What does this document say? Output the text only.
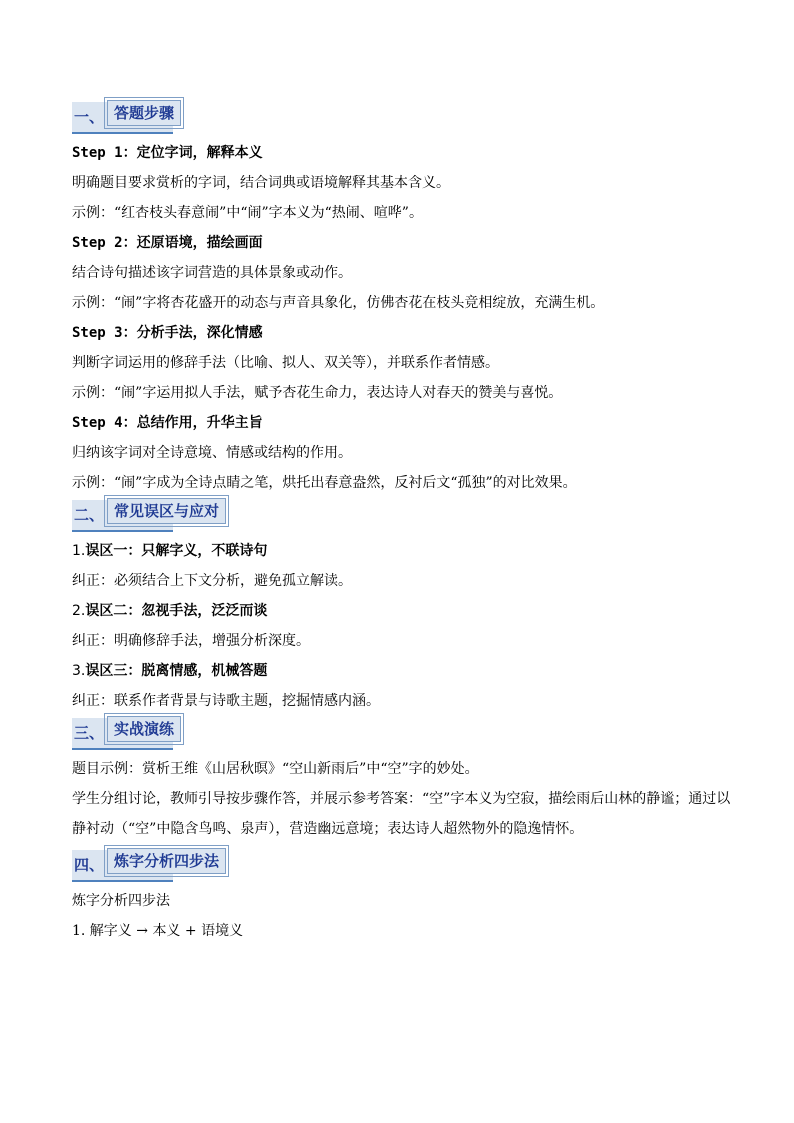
一、 答题步骤

Step 1：定位字词，解释本义

明确题目要求赏析的字词，结合词典或语境解释其基本含义。

示例：“红杏枝头春意闹”中“闹”字本义为“热闹、喧哗”。

Step 2：还原语境，描绘画面

结合诗句描述该字词营造的具体景象或动作。

示例：“闹”字将杏花盛开的动态与声音具象化，仿佛杏花在枝头竞相绽放，充满生机。

Step 3：分析手法，深化情感

判断字词运用的修辞手法（比喻、拟人、双关等），并联系作者情感。

示例：“闹”字运用拟人手法，赋予杏花生命力，表达诗人对春天的赞美与喜悦。

Step 4：总结作用，升华主旨

归纳该字词对全诗意境、情感或结构的作用。

示例：“闹”字成为全诗点睛之笔，烘托出春意盎然，反衬后文“孤独”的对比效果。

二、 常见误区与应对

1.误区一：只解字义，不联诗句

纠正：必须结合上下文分析，避免孤立解读。

2.误区二：忽视手法，泛泛而谈

纠正：明确修辞手法，增强分析深度。

3.误区三：脱离情感，机械答题

纠正：联系作者背景与诗歌主题，挖掘情感内涵。

三、 实战演练

题目示例：赏析王维《山居秋暝》“空山新雨后”中“空”字的妙处。

学生分组讨论，教师引导按步骤作答，并展示参考答案：“空”字本义为空寂，描绘雨后山林的静谧；通过以静衬动（“空”中隐含鸟鸣、泉声），营造幽远意境；表达诗人超然物外的隐逸情怀。

四、 炼字分析四步法

炼字分析四步法

1. 解字义 → 本义 + 语境义
